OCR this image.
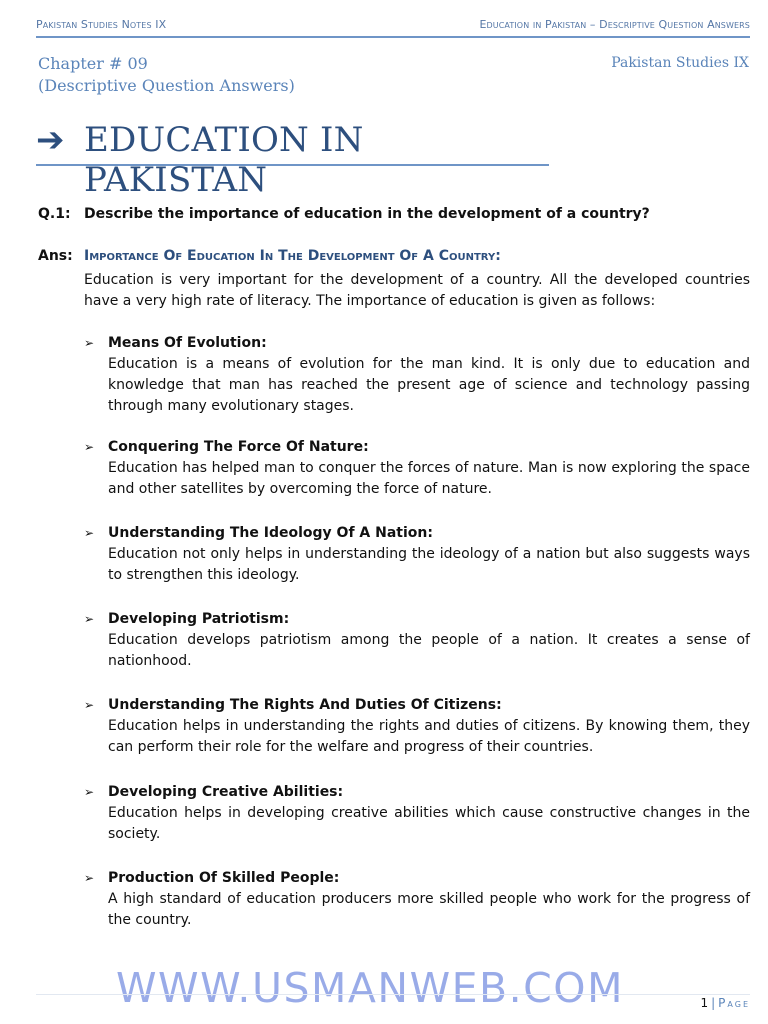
Pakistan Studies Notes IX	Education in Pakistan – Descriptive Question Answers
Chapter # 09
(Descriptive Question Answers)
Pakistan Studies IX
➔ EDUCATION IN PAKISTAN
Q.1: Describe the importance of education in the development of a country?
Ans: Importance Of Education In The Development Of A Country:
Education is very important for the development of a country. All the developed countries have a very high rate of literacy. The importance of education is given as follows:
➢ Means Of Evolution:
Education is a means of evolution for the man kind. It is only due to education and knowledge that man has reached the present age of science and technology passing through many evolutionary stages.
➢ Conquering The Force Of Nature:
Education has helped man to conquer the forces of nature. Man is now exploring the space and other satellites by overcoming the force of nature.
➢ Understanding The Ideology Of A Nation:
Education not only helps in understanding the ideology of a nation but also suggests ways to strengthen this ideology.
➢ Developing Patriotism:
Education develops patriotism among the people of a nation. It creates a sense of nationhood.
➢ Understanding The Rights And Duties Of Citizens:
Education helps in understanding the rights and duties of citizens. By knowing them, they can perform their role for the welfare and progress of their countries.
➢ Developing Creative Abilities:
Education helps in developing creative abilities which cause constructive changes in the society.
➢ Production Of Skilled People:
A high standard of education producers more skilled people who work for the progress of the country.
WWW.USMANWEB.COM	1 | Page
